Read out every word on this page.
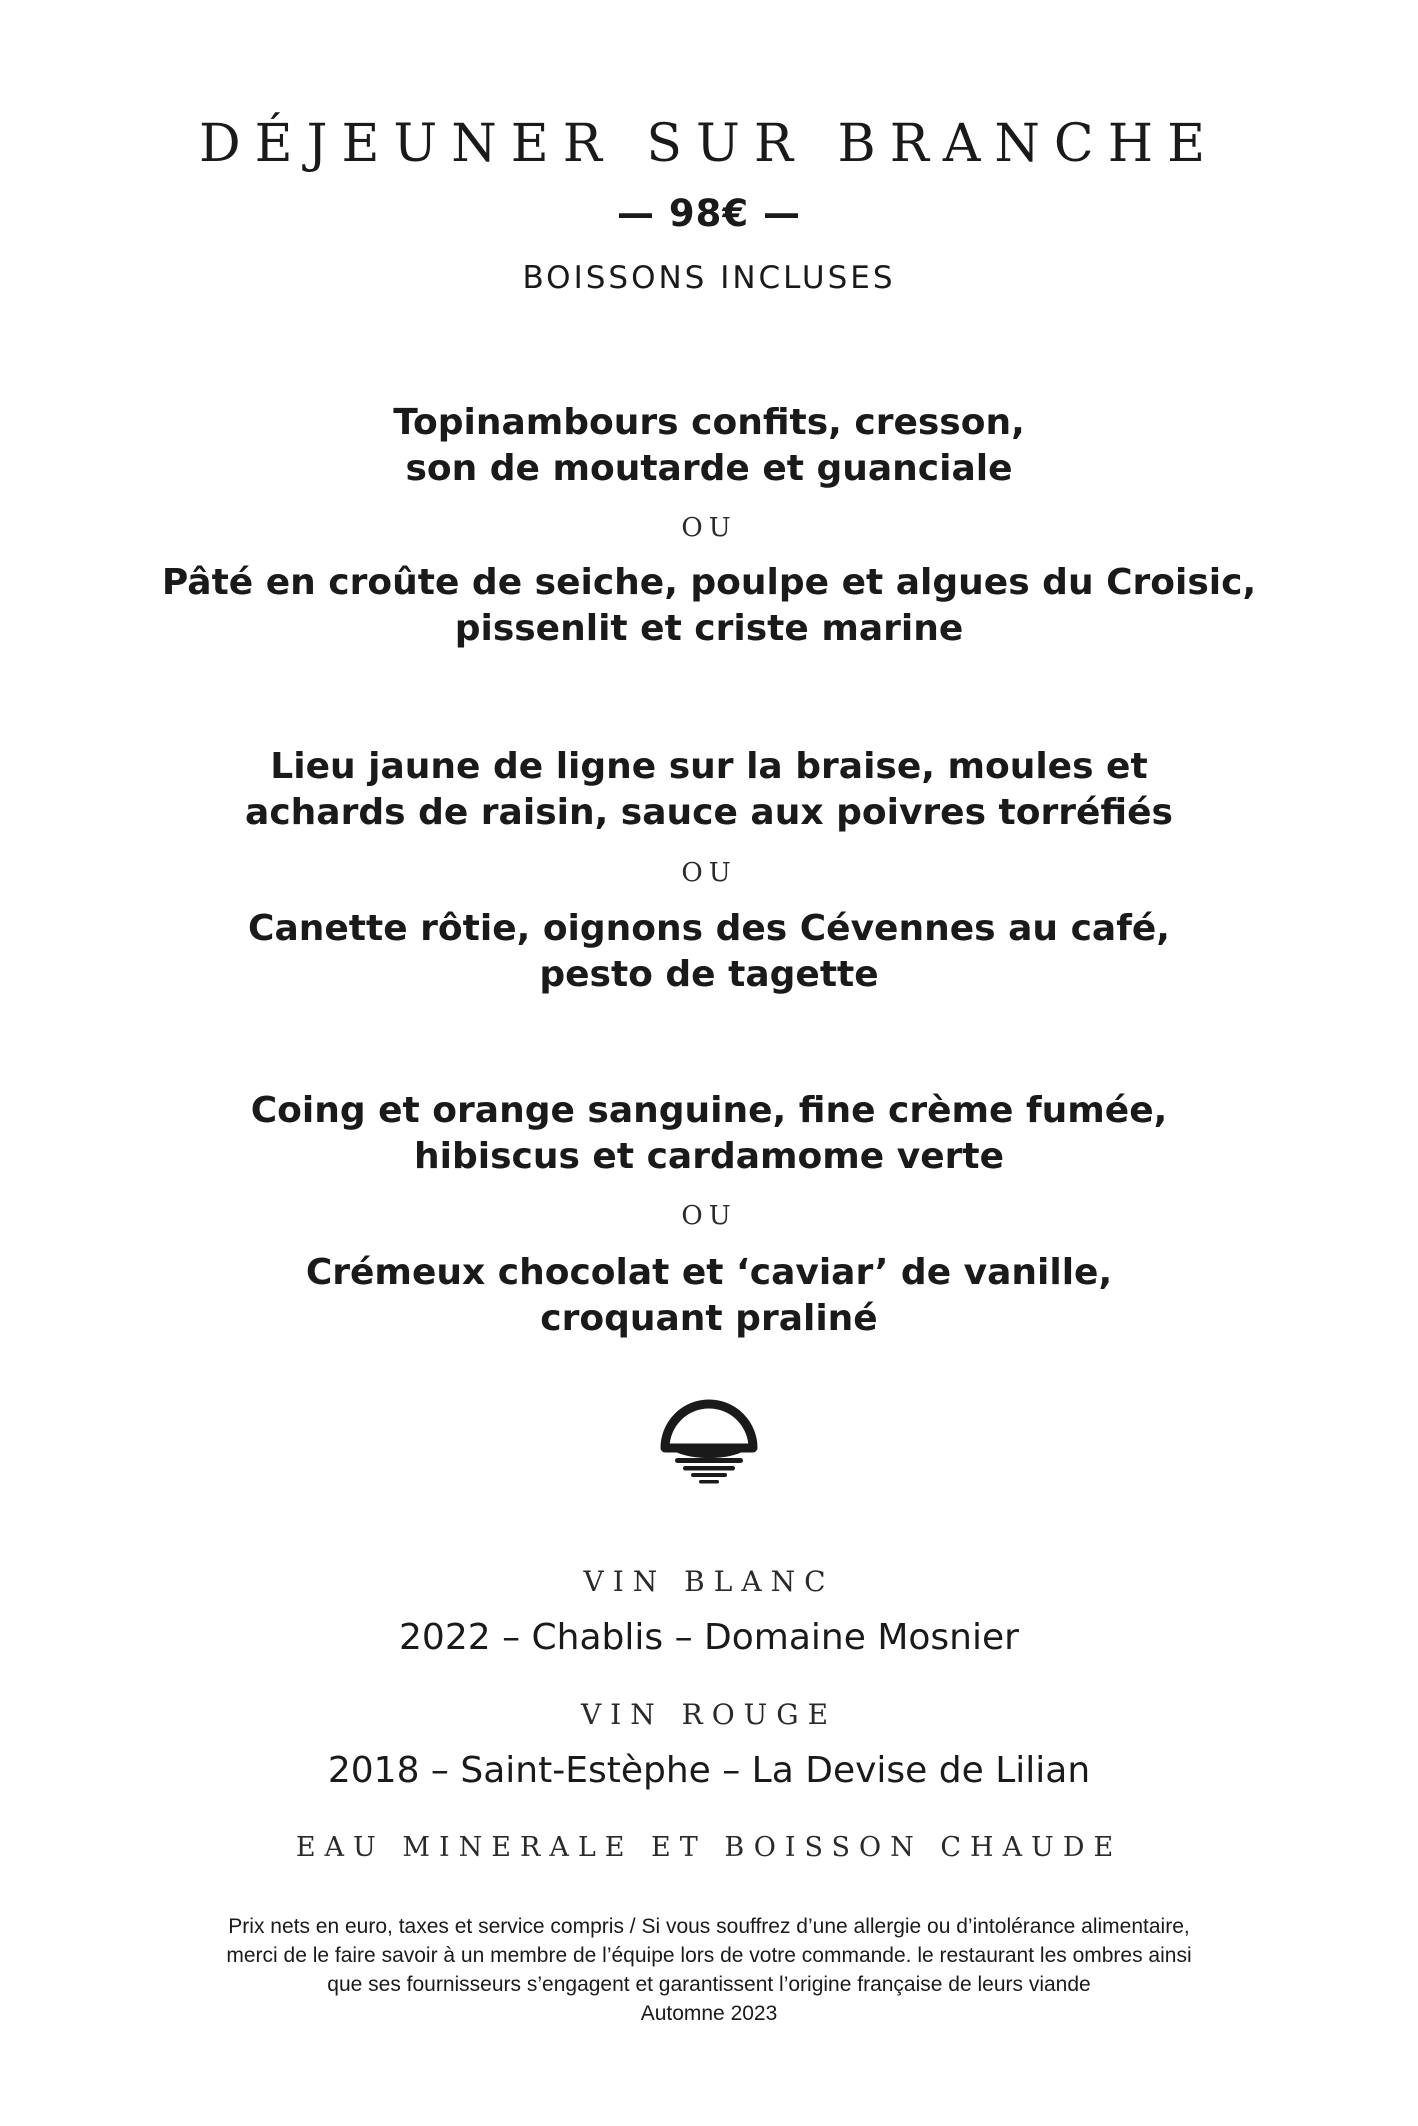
DÉJEUNER SUR BRANCHE
— 98€ —
BOISSONS INCLUSES
Topinambours confits, cresson,
son de moutarde et guanciale
OU
Pâté en croûte de seiche, poulpe et algues du Croisic,
pissenlit et criste marine
Lieu jaune de ligne sur la braise, moules et
achards de raisin, sauce aux poivres torréfiés
OU
Canette rôtie, oignons des Cévennes au café,
pesto de tagette
Coing et orange sanguine, fine crème fumée,
hibiscus et cardamome verte
OU
Crémeux chocolat et ‘caviar’ de vanille,
croquant praliné
VIN BLANC
2022 – Chablis – Domaine Mosnier
VIN ROUGE
2018 – Saint-Estèphe – La Devise de Lilian
EAU MINERALE ET BOISSON CHAUDE
Prix nets en euro, taxes et service compris / Si vous souffrez d’une allergie ou d’intolérance alimentaire,
merci de le faire savoir à un membre de l’équipe lors de votre commande. le restaurant les ombres ainsi
que ses fournisseurs s’engagent et garantissent l’origine française de leurs viande
Automne 2023
